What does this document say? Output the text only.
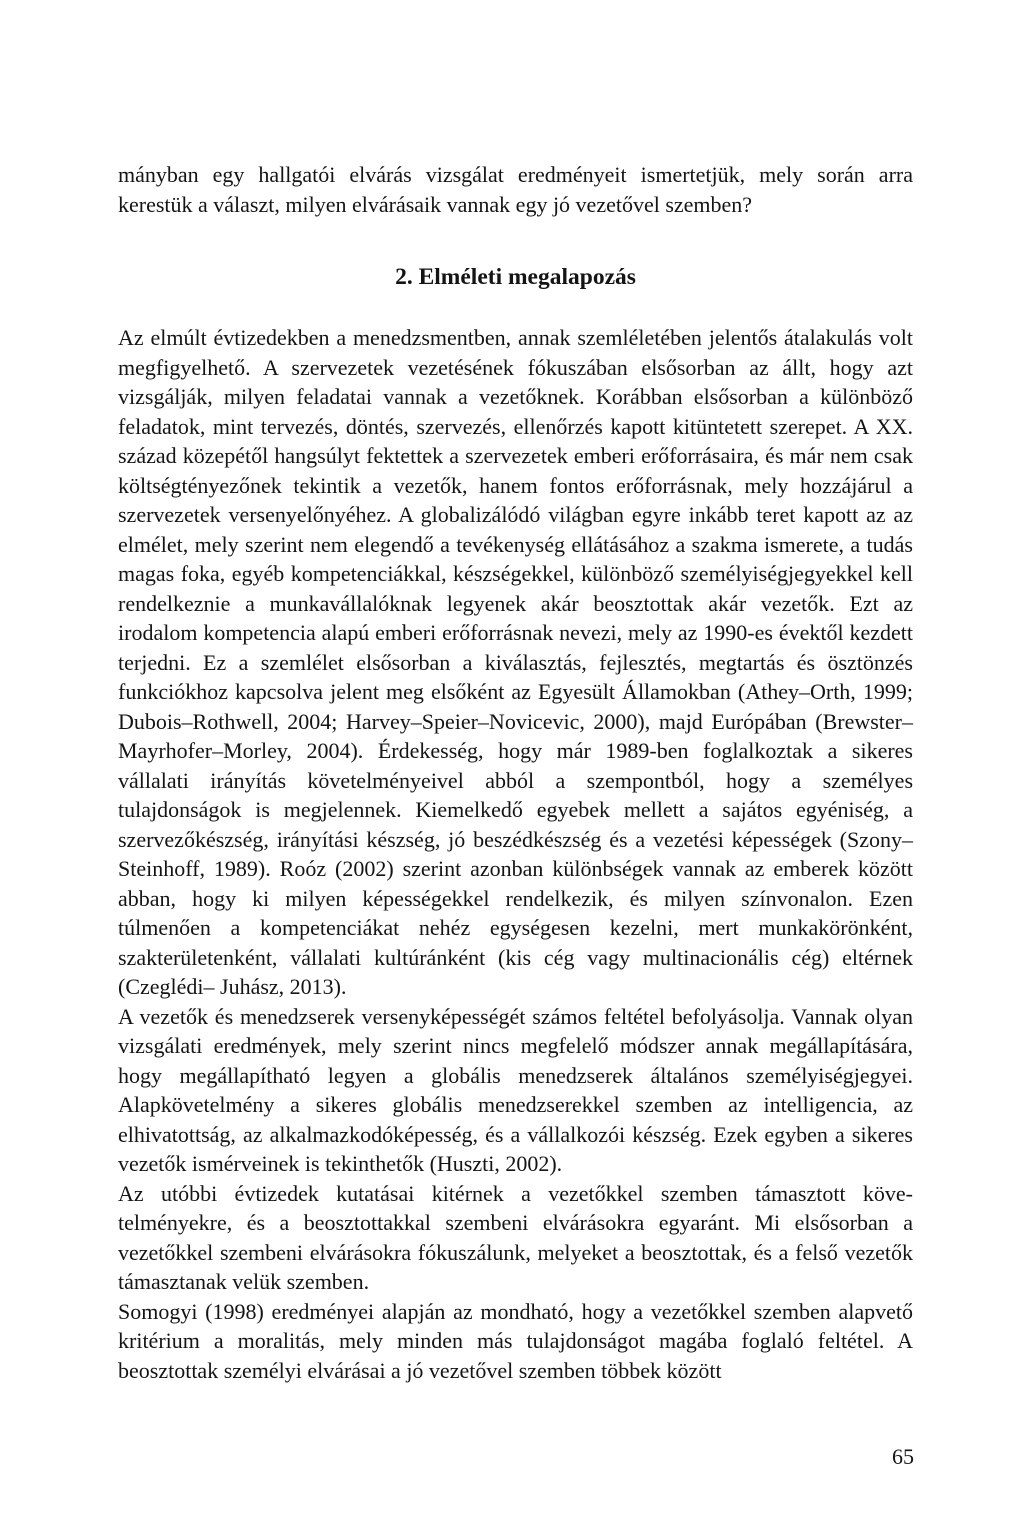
mányban egy hallgatói elvárás vizsgálat eredményeit ismertetjük, mely során arra kerestük a választ, milyen elvárásaik vannak egy jó vezetővel szemben?

2. Elméleti megalapozás

Az elmúlt évtizedekben a menedzsmentben, annak szemléletében jelentős átalakulás volt megfigyelhető. A szervezetek vezetésének fókuszában elsősorban az állt, hogy azt vizsgálják, milyen feladatai vannak a vezetőknek. Korábban elsősorban a különböző feladatok, mint tervezés, döntés, szervezés, ellenőrzés kapott kitüntetett szerepet. A XX. század közepétől hangsúlyt fektettek a szervezetek emberi erőforrásaira, és már nem csak költségtényezőnek tekintik a vezetők, hanem fontos erőforrásnak, mely hozzájárul a szervezetek versenyelőnyéhez. A globalizálódó világban egyre inkább teret kapott az az elmélet, mely szerint nem elegendő a tevékenység ellátásához a szakma ismerete, a tudás magas foka, egyéb kompetenciákkal, készségekkel, különböző személyiségjegyekkel kell rendelkeznie a munkavállalóknak legyenek akár beosztottak akár vezetők. Ezt az irodalom kompetencia alapú emberi erőforrásnak nevezi, mely az 1990-es évektől kezdett terjedni. Ez a szemlélet elsősorban a kiválasztás, fejlesztés, megtartás és ösztönzés funkciókhoz kapcsolva jelent meg elsőként az Egyesült Államokban (Athey–Orth, 1999; Dubois–Rothwell, 2004; Harvey–Speier–Novicevic, 2000), majd Európában (Brewster–Mayrhofer–Morley, 2004). Érdekesség, hogy már 1989-ben foglalkoztak a sikeres vállalati irányítás követelményeivel abból a szempontból, hogy a személyes tulajdonságok is megjelennek. Kiemelkedő egyebek mellett a sajátos egyéniség, a szervezőkészség, irányítási készség, jó beszédkészség és a vezetési képességek (Szony–Steinhoff, 1989). Roóz (2002) szerint azonban különbségek vannak az emberek között abban, hogy ki milyen képességekkel rendelkezik, és milyen színvonalon. Ezen túlmenően a kompetenciákat nehéz egységesen kezelni, mert munkakörönként, szakterületenként, vállalati kultúránként (kis cég vagy multinacionális cég) eltérnek (Czeglédi– Juhász, 2013).

A vezetők és menedzserek versenyképességét számos feltétel befolyásolja. Vannak olyan vizsgálati eredmények, mely szerint nincs megfelelő módszer annak megállapítására, hogy megállapítható legyen a globális menedzserek általános személyiségjegyei. Alapkövetelmény a sikeres globális menedzserekkel szemben az intelligencia, az elhivatottság, az alkalmazkodóképesség, és a vállalkozói készség. Ezek egyben a sikeres vezetők ismérveinek is tekinthetők (Huszti, 2002).

Az utóbbi évtizedek kutatásai kitérnek a vezetőkkel szemben támasztott követelményekre, és a beosztottakkal szembeni elvárásokra egyaránt. Mi elsősorban a vezetőkkel szembeni elvárásokra fókuszálunk, melyeket a beosztottak, és a felső vezetők támasztanak velük szemben.

Somogyi (1998) eredményei alapján az mondható, hogy a vezetőkkel szemben alapvető kritérium a moralitás, mely minden más tulajdonságot magába foglaló feltétel. A beosztottak személyi elvárásai a jó vezetővel szemben többek között

65
